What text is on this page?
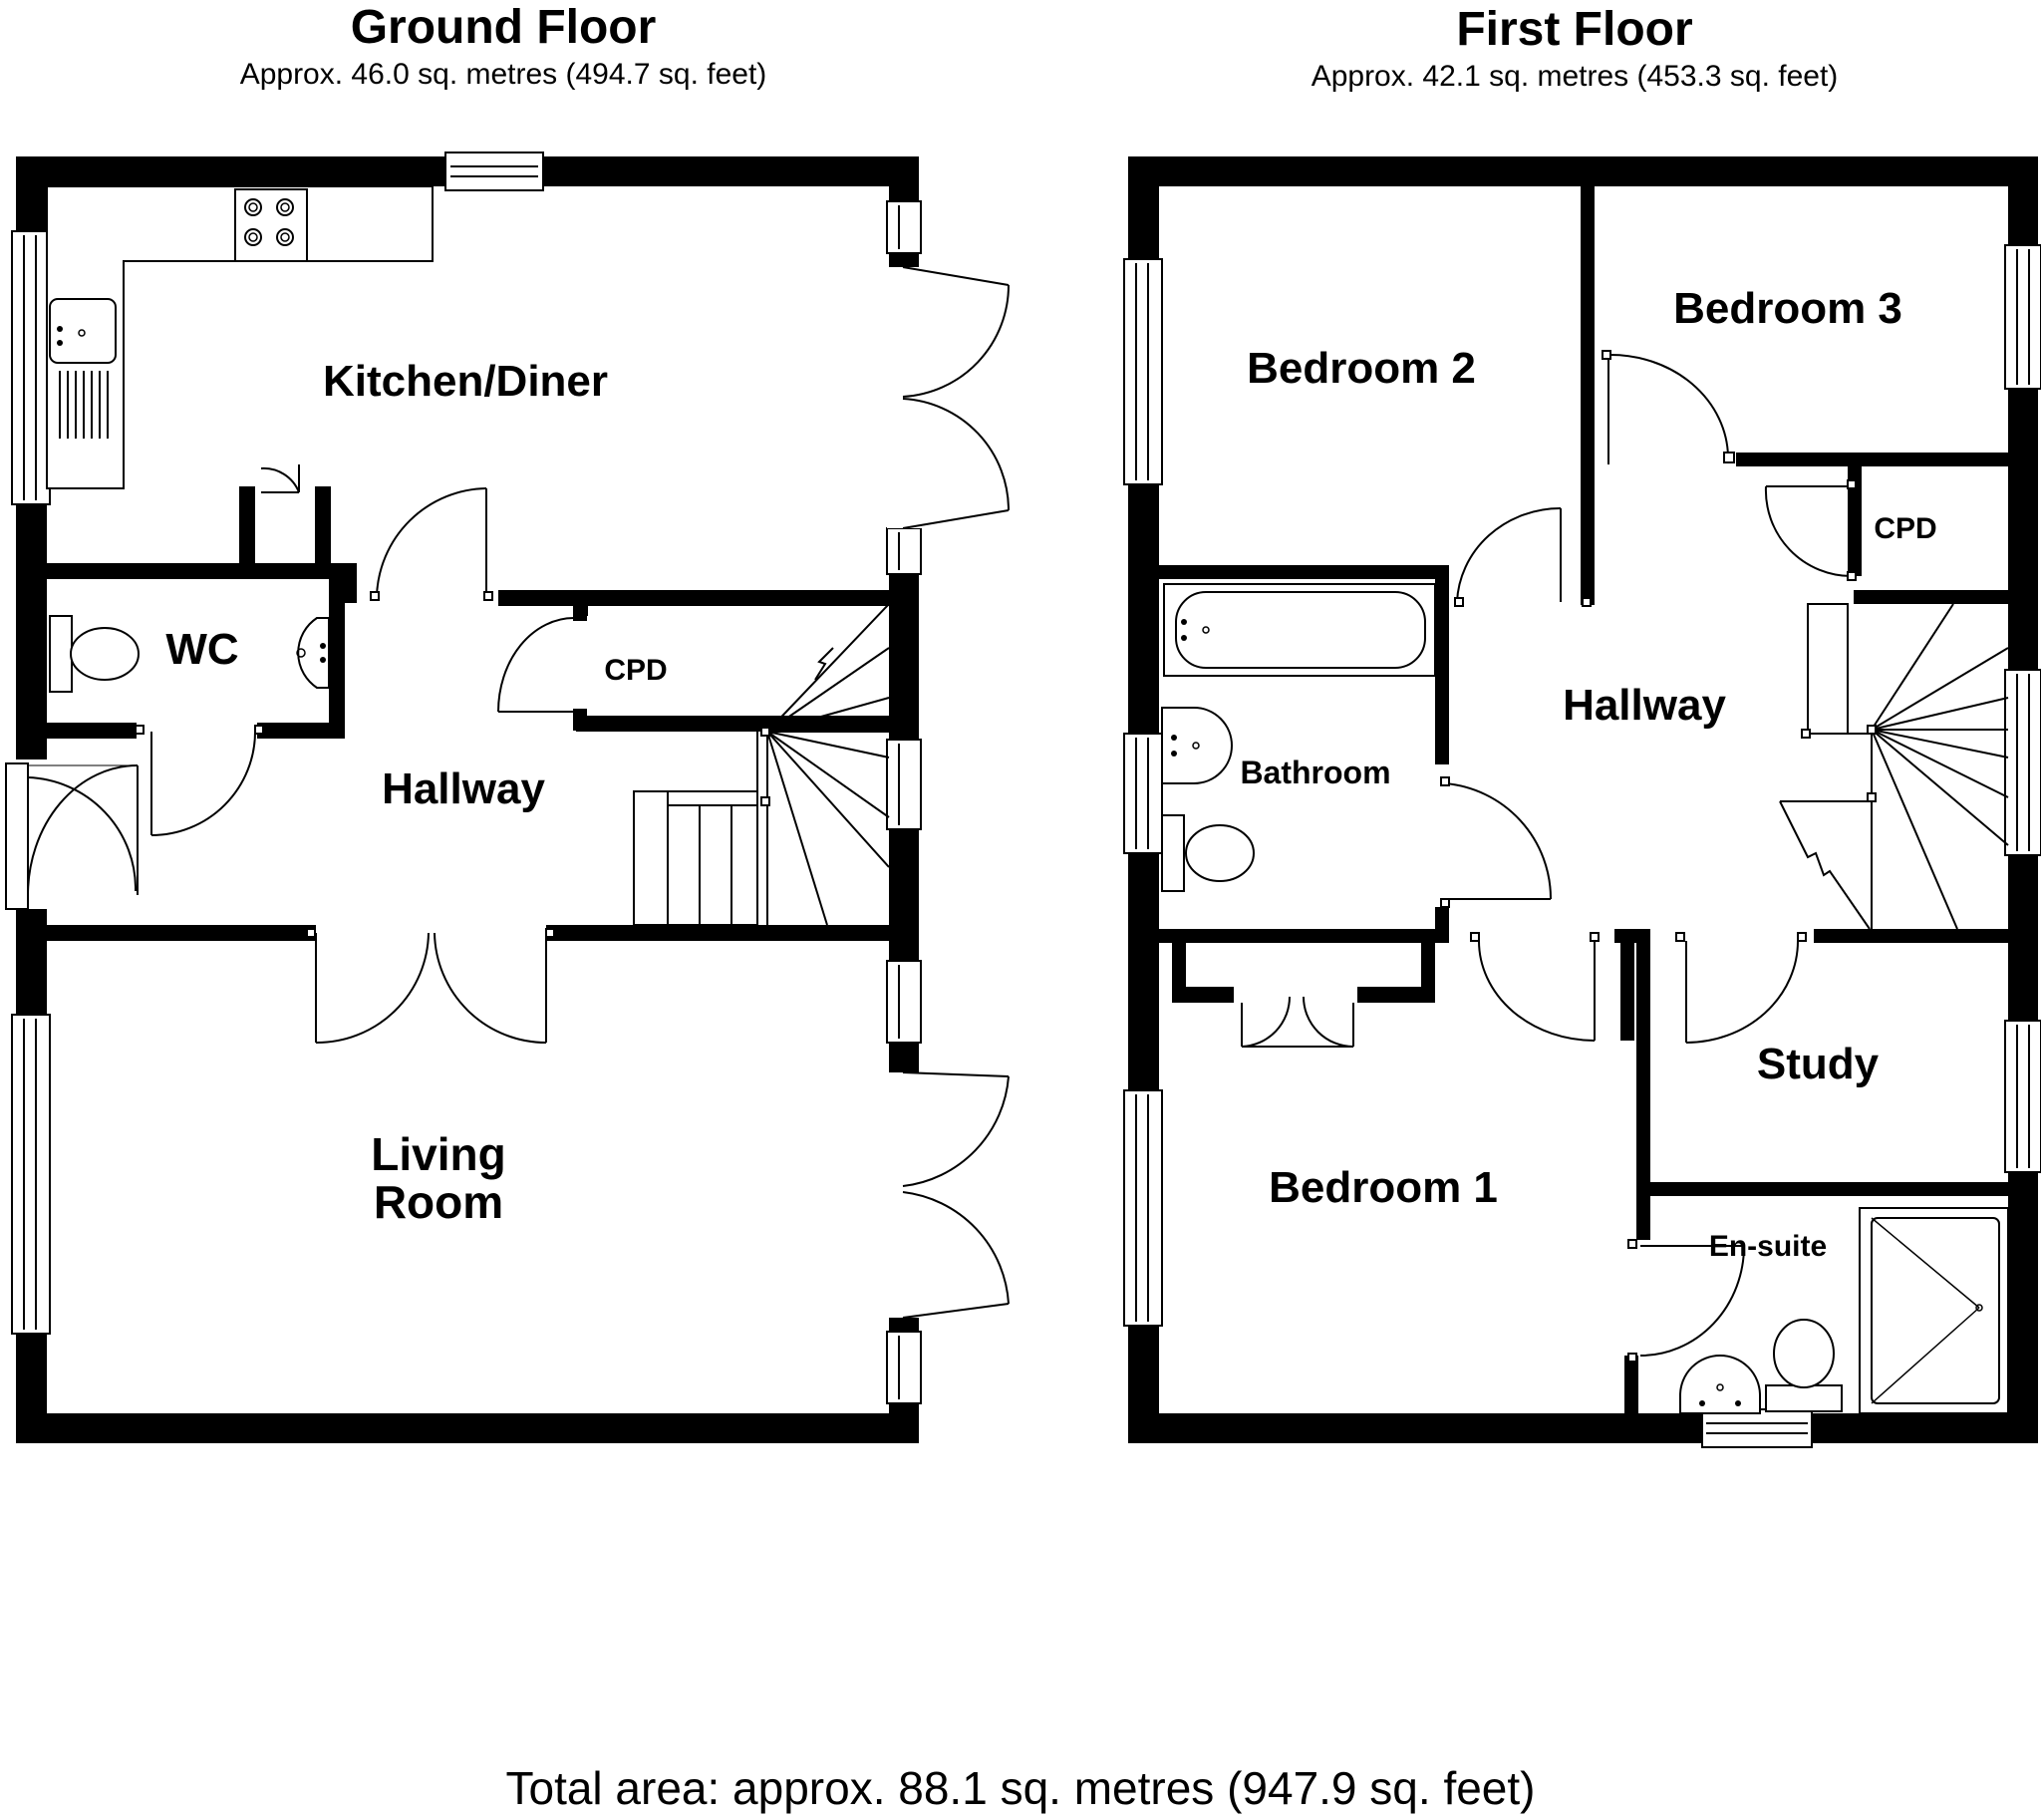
Ground Floor
Approx. 46.0 sq. metres (494.7 sq. feet)
First Floor
Approx. 42.1 sq. metres (453.3 sq. feet)
Kitchen/Diner
WC	CPD
Hallway
Living
Room
Bedroom 2
Bedroom 3
CPD
Hallway
Bathroom
Study
Bedroom 1
En-suite
Total area: approx. 88.1 sq. metres (947.9 sq. feet)
